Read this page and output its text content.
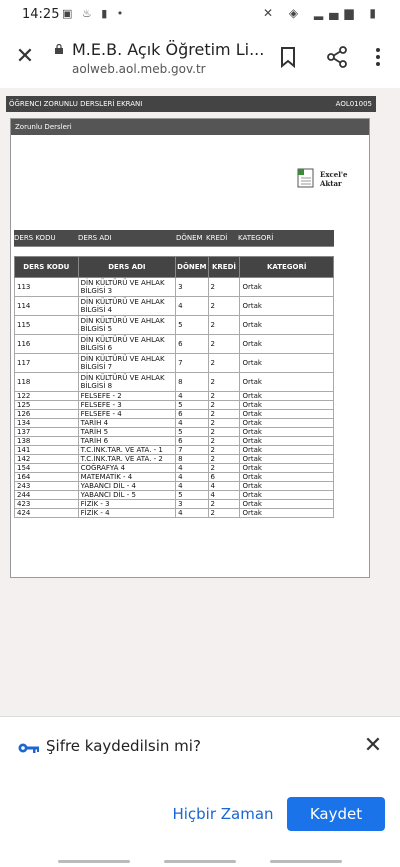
14:25 ▣ ♨ ▮ •	✕ ◈ ▂▄▆ ▮
✕ M.E.B. Açık Öğretim Li...
aolweb.aol.meb.gov.tr
ÖĞRENCI ZORUNLU DERSLERİ EKRANI	AOL01005
Zorunlu Dersleri
Excel'e
Aktar
DERS KODU	DERS ADI	DÖNEM KREDİ KATEGORİ
DERS KODU	DERS ADI	DÖNEM	KREDİ	KATEGORİ
113	DİN KÜLTÜRÜ VE AHLAK BİLGİSİ 3	3	2	Ortak
114	DİN KÜLTÜRÜ VE AHLAK BİLGİSİ 4	4	2	Ortak
115	DİN KÜLTÜRÜ VE AHLAK BİLGİSİ 5	5	2	Ortak
116	DİN KÜLTÜRÜ VE AHLAK BİLGİSİ 6	6	2	Ortak
117	DİN KÜLTÜRÜ VE AHLAK BİLGİSİ 7	7	2	Ortak
118	DİN KÜLTÜRÜ VE AHLAK BİLGİSİ 8	8	2	Ortak
122	FELSEFE - 2	4	2	Ortak
125	FELSEFE - 3	5	2	Ortak
126	FELSEFE - 4	6	2	Ortak
134	TARİH 4	4	2	Ortak
137	TARİH 5	5	2	Ortak
138	TARİH 6	6	2	Ortak
141	T.C.İNK.TAR. VE ATA. - 1	7	2	Ortak
142	T.C.İNK.TAR. VE ATA. - 2	8	2	Ortak
154	COĞRAFYA 4	4	2	Ortak
164	MATEMATİK - 4	4	6	Ortak
243	YABANCI DİL - 4	4	4	Ortak
244	YABANCI DİL - 5	5	4	Ortak
423	FİZİK - 3	3	2	Ortak
424	FİZİK - 4	4	2	Ortak
Şifre kaydedilsin mi?	✕
Hiçbir Zaman	Kaydet
